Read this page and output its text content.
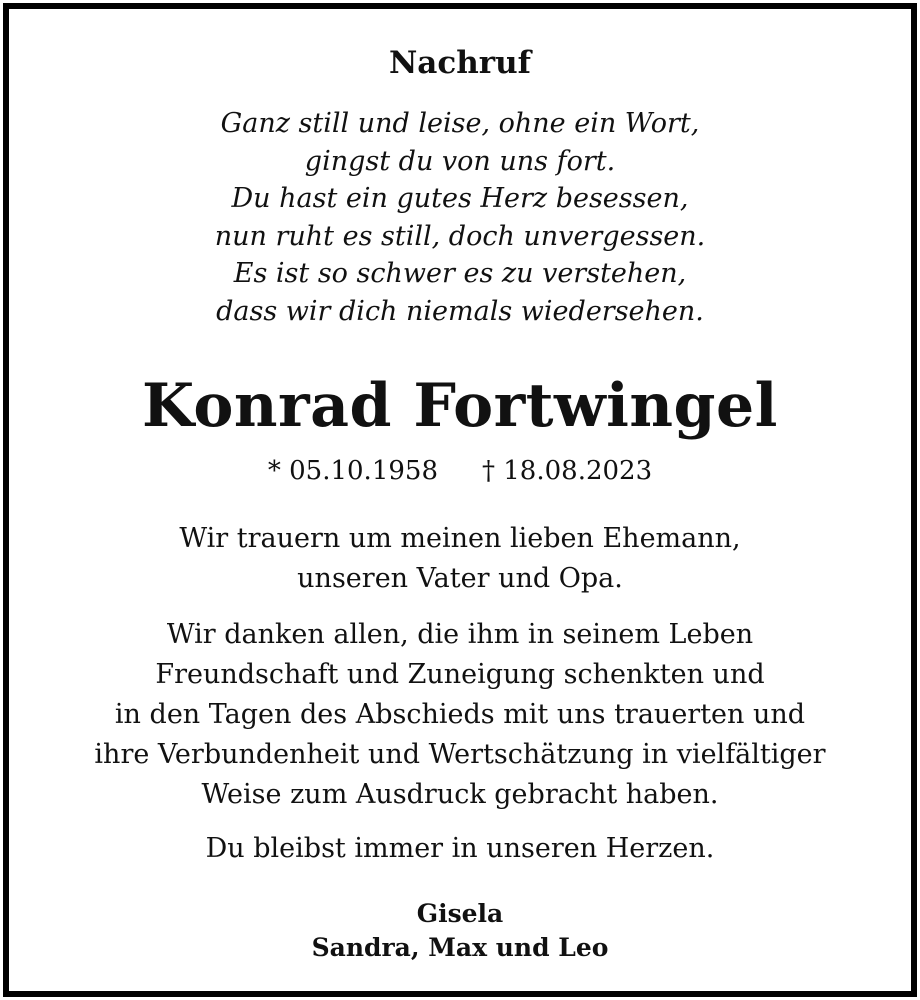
Nachruf
Ganz still und leise, ohne ein Wort,
gingst du von uns fort.
Du hast ein gutes Herz besessen,
nun ruht es still, doch unvergessen.
Es ist so schwer es zu verstehen,
dass wir dich niemals wiedersehen.
Konrad Fortwingel
* 05.10.1958 † 18.08.2023
Wir trauern um meinen lieben Ehemann,
unseren Vater und Opa.
Wir danken allen, die ihm in seinem Leben
Freundschaft und Zuneigung schenkten und
in den Tagen des Abschieds mit uns trauerten und
ihre Verbundenheit und Wertschätzung in vielfältiger
Weise zum Ausdruck gebracht haben.
Du bleibst immer in unseren Herzen.
Gisela
Sandra, Max und Leo
